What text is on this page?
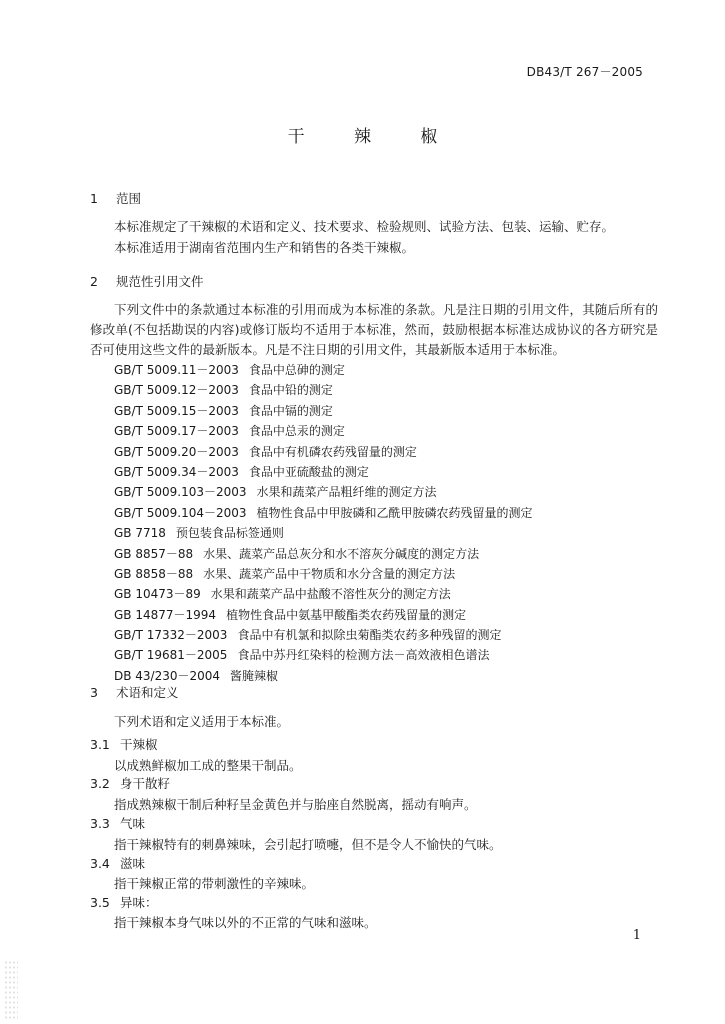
DB43/T 267－2005
干 辣 椒
1 范围
本标准规定了干辣椒的术语和定义、技术要求、检验规则、试验方法、包装、运输、贮存。
本标准适用于湖南省范围内生产和销售的各类干辣椒。
2 规范性引用文件
下列文件中的条款通过本标准的引用而成为本标准的条款。凡是注日期的引用文件，其随后所有的修改单(不包括勘误的内容)或修订版均不适用于本标准，然而，鼓励根据本标准达成协议的各方研究是否可使用这些文件的最新版本。凡是不注日期的引用文件，其最新版本适用于本标准。
GB/T 5009.11－2003 食品中总砷的测定
GB/T 5009.12－2003 食品中铅的测定
GB/T 5009.15－2003 食品中镉的测定
GB/T 5009.17－2003 食品中总汞的测定
GB/T 5009.20－2003 食品中有机磷农药残留量的测定
GB/T 5009.34－2003 食品中亚硫酸盐的测定
GB/T 5009.103－2003 水果和蔬菜产品粗纤维的测定方法
GB/T 5009.104－2003 植物性食品中甲胺磷和乙酰甲胺磷农药残留量的测定
GB 7718 预包装食品标签通则
GB 8857－88 水果、蔬菜产品总灰分和水不溶灰分碱度的测定方法
GB 8858－88 水果、蔬菜产品中干物质和水分含量的测定方法
GB 10473－89 水果和蔬菜产品中盐酸不溶性灰分的测定方法
GB 14877－1994 植物性食品中氨基甲酸酯类农药残留量的测定
GB/T 17332－2003 食品中有机氯和拟除虫菊酯类农药多种残留的测定
GB/T 19681－2005 食品中苏丹红染料的检测方法－高效液相色谱法
DB 43/230－2004 酱腌辣椒
3 术语和定义
下列术语和定义适用于本标准。
3.1 干辣椒
以成熟鲜椒加工成的整果干制品。
3.2 身干散籽
指成熟辣椒干制后种籽呈金黄色并与胎座自然脱离，摇动有响声。
3.3 气味
指干辣椒特有的刺鼻辣味，会引起打喷嚏，但不是令人不愉快的气味。
3.4 滋味
指干辣椒正常的带刺激性的辛辣味。
3.5 异味：
指干辣椒本身气味以外的不正常的气味和滋味。
1
